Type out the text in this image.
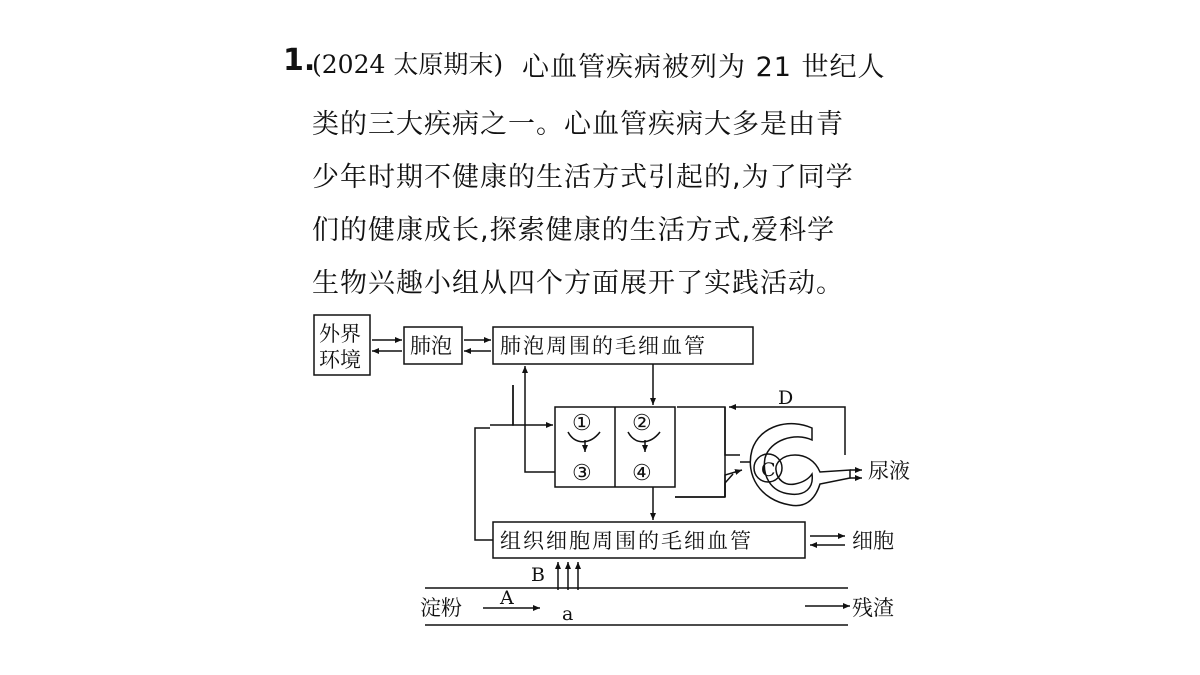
1.
(2024 太原期末) 心血管疾病被列为 21 世纪人
类的三大疾病之一。心血管疾病大多是由青
少年时期不健康的生活方式引起的,为了同学
们的健康成长,探索健康的生活方式,爱科学
生物兴趣小组从四个方面展开了实践活动。
外界
环境
肺泡 肺泡周围的毛细血管
组织细胞周围的毛细血管	细胞
尿液
淀粉	残渣
A
B
C
D
a
① ②
③ ④
